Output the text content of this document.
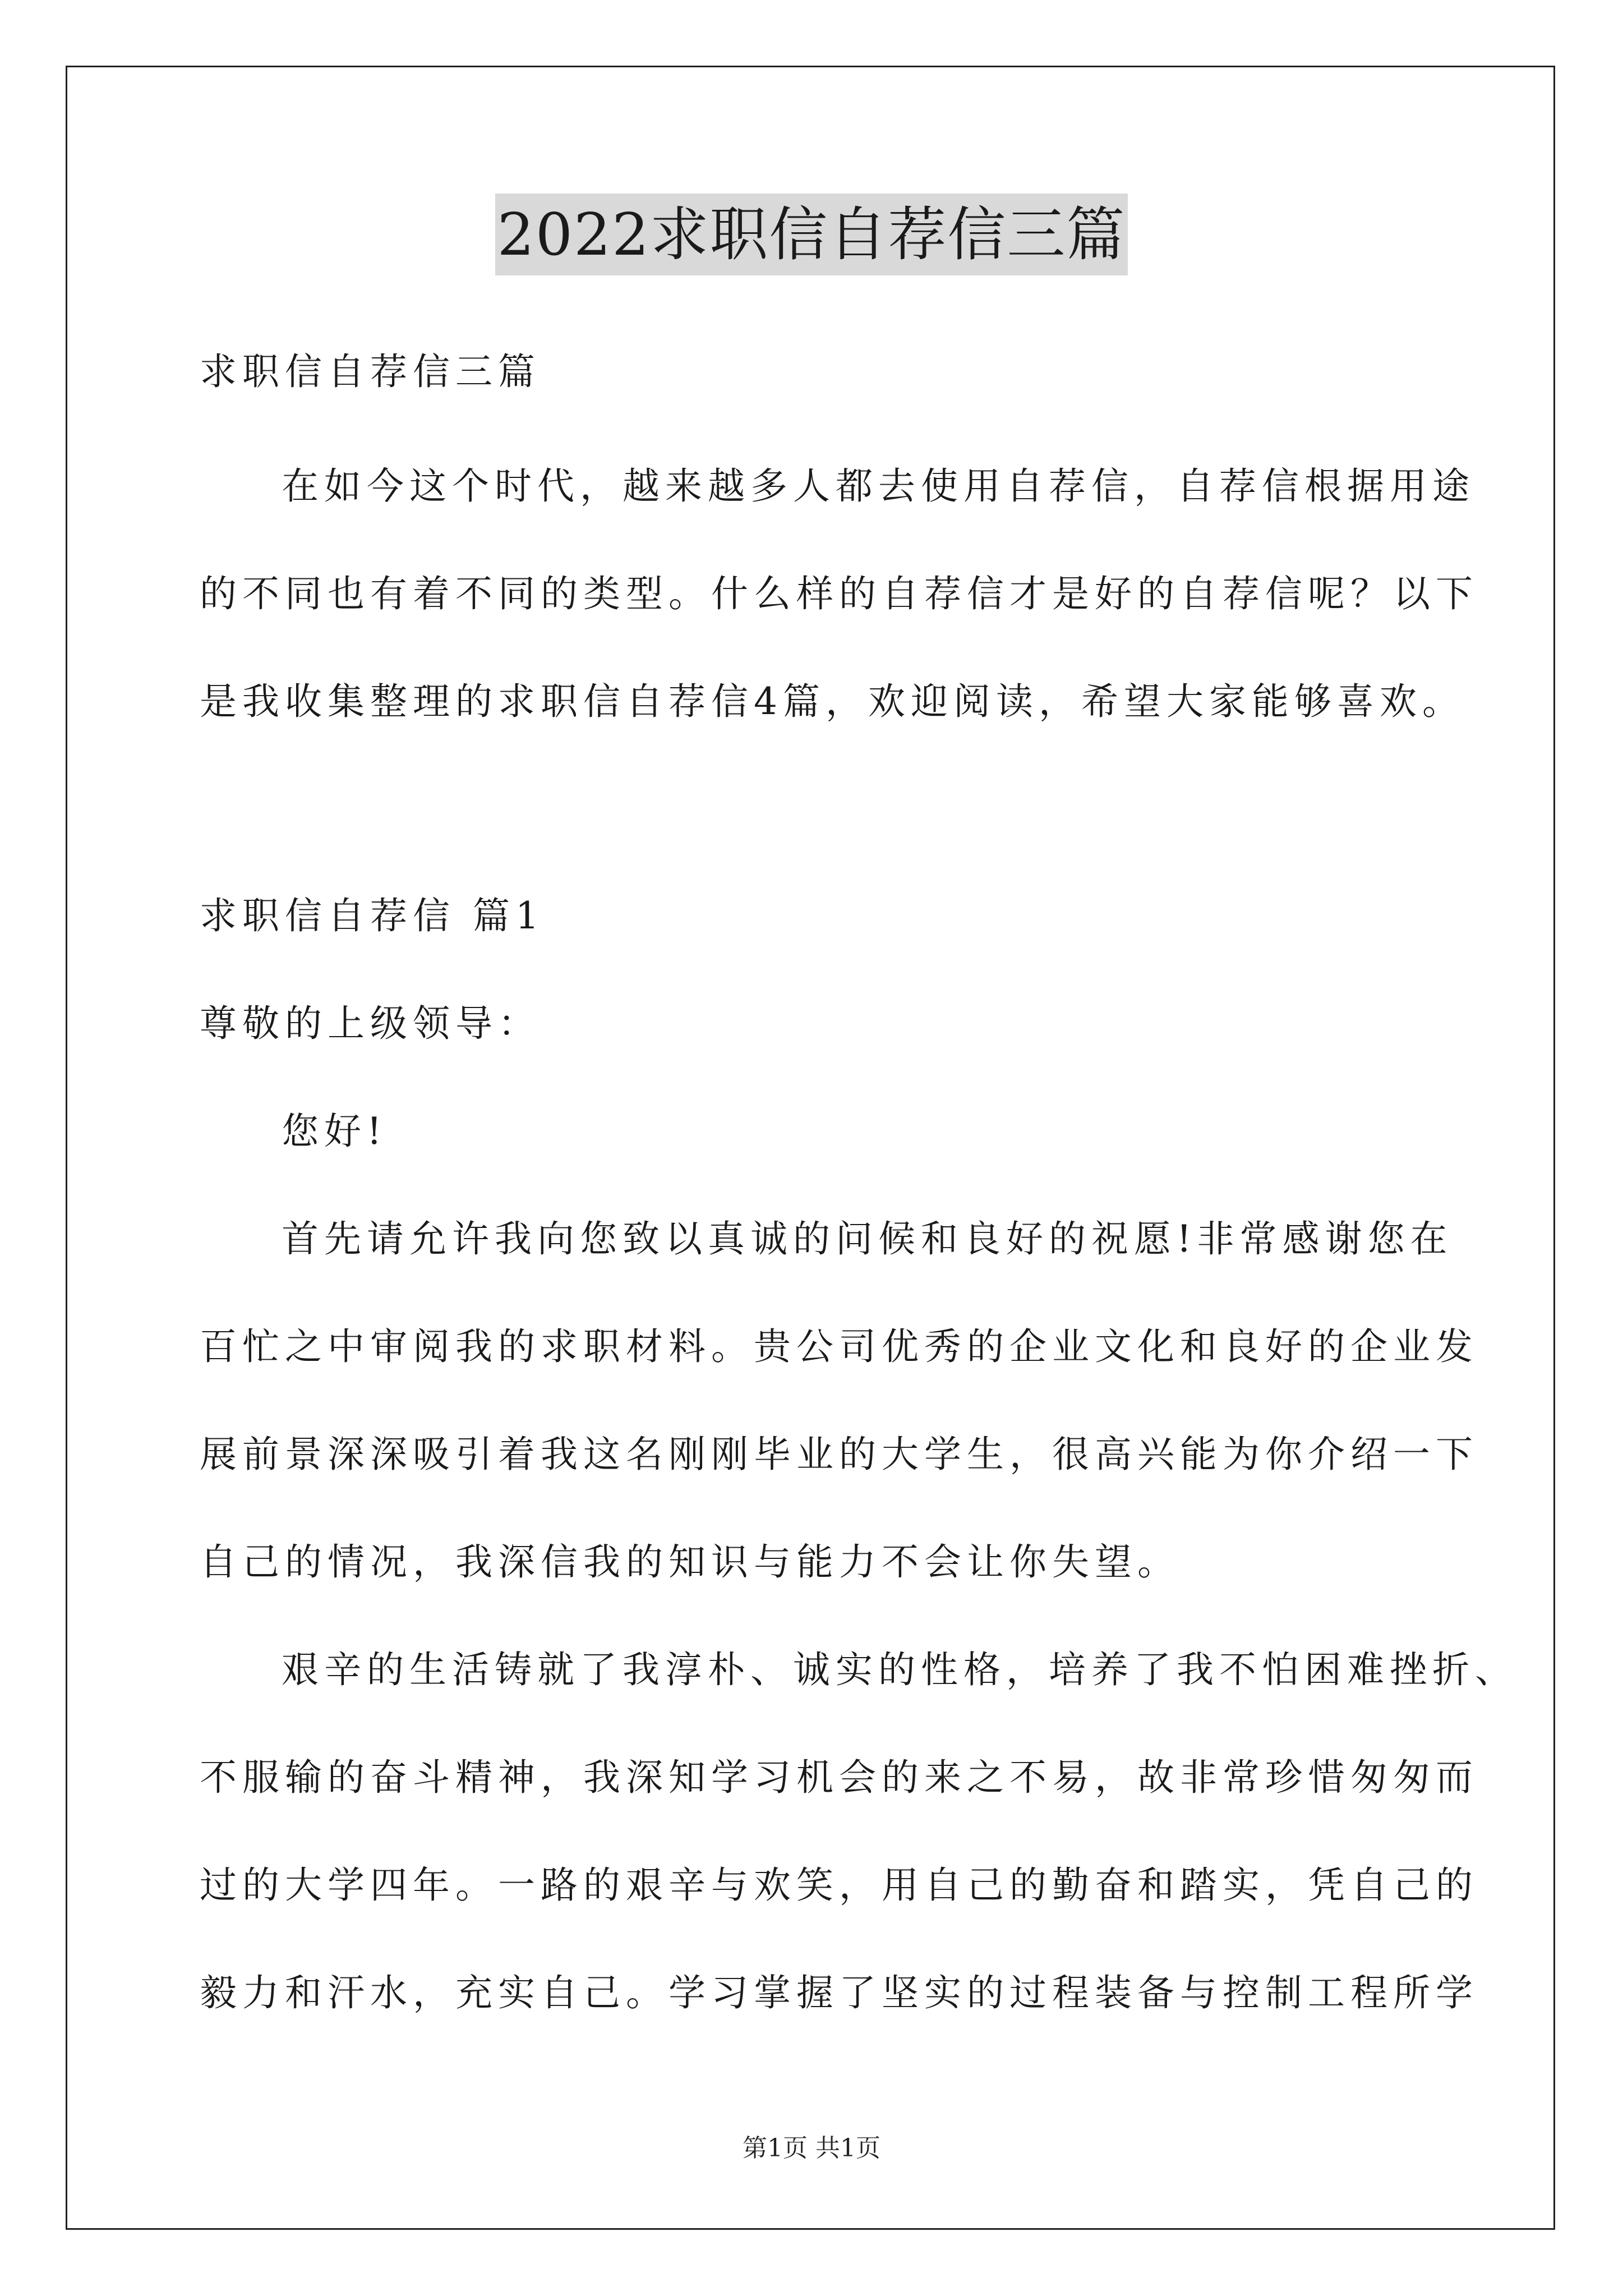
2022求职信自荐信三篇
求职信自荐信三篇
在如今这个时代，越来越多人都去使用自荐信，自荐信根据用途
的不同也有着不同的类型。什么样的自荐信才是好的自荐信呢？以下
是我收集整理的求职信自荐信4篇，欢迎阅读，希望大家能够喜欢。
求职信自荐信 篇1
尊敬的上级领导：
您好!
首先请允许我向您致以真诚的问候和良好的祝愿!非常感谢您在
百忙之中审阅我的求职材料。贵公司优秀的企业文化和良好的企业发
展前景深深吸引着我这名刚刚毕业的大学生，很高兴能为你介绍一下
自己的情况，我深信我的知识与能力不会让你失望。
艰辛的生活铸就了我淳朴、诚实的性格，培养了我不怕困难挫折、
不服输的奋斗精神，我深知学习机会的来之不易，故非常珍惜匆匆而
过的大学四年。一路的艰辛与欢笑，用自己的勤奋和踏实，凭自己的
毅力和汗水，充实自己。学习掌握了坚实的过程装备与控制工程所学
第1页 共1页
